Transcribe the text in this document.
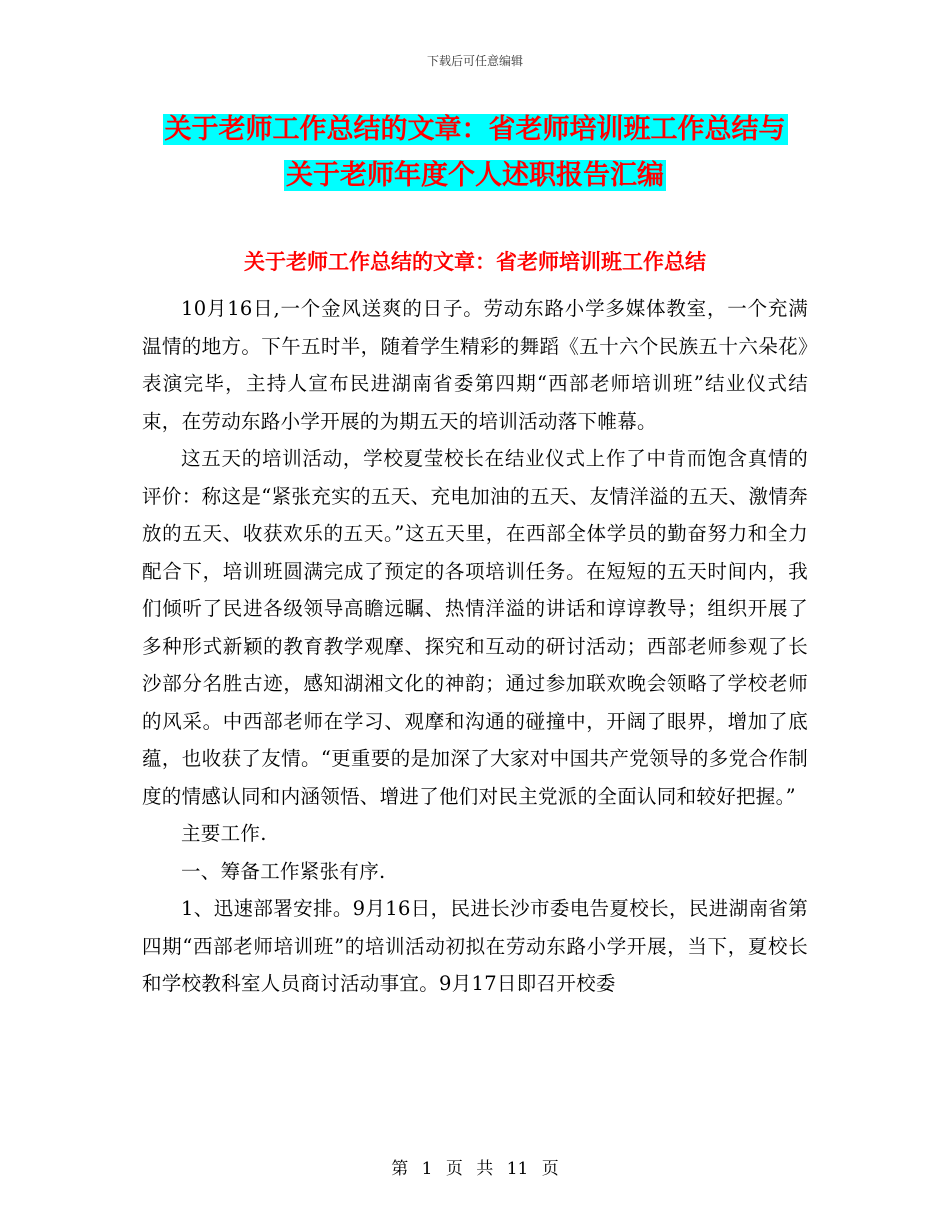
下载后可任意编辑
关于老师工作总结的文章：省老师培训班工作总结与
关于老师年度个人述职报告汇编
关于老师工作总结的文章：省老师培训班工作总结

10月16日,一个金风送爽的日子。劳动东路小学多媒体教室，一个充满温情的地方。下午五时半，随着学生精彩的舞蹈《五十六个民族五十六朵花》表演完毕，主持人宣布民进湖南省委第四期“西部老师培训班”结业仪式结束，在劳动东路小学开展的为期五天的培训活动落下帷幕。

这五天的培训活动，学校夏莹校长在结业仪式上作了中肯而饱含真情的评价：称这是“紧张充实的五天、充电加油的五天、友情洋溢的五天、激情奔放的五天、收获欢乐的五天。”这五天里，在西部全体学员的勤奋努力和全力配合下，培训班圆满完成了预定的各项培训任务。在短短的五天时间内，我们倾听了民进各级领导高瞻远瞩、热情洋溢的讲话和谆谆教导；组织开展了多种形式新颖的教育教学观摩、探究和互动的研讨活动；西部老师参观了长沙部分名胜古迹，感知湖湘文化的神韵；通过参加联欢晚会领略了学校老师的风采。中西部老师在学习、观摩和沟通的碰撞中，开阔了眼界，增加了底蕴，也收获了友情。“更重要的是加深了大家对中国共产党领导的多党合作制度的情感认同和内涵领悟、增进了他们对民主党派的全面认同和较好把握。”

主要工作.

一、筹备工作紧张有序.

1、迅速部署安排。9月16日，民进长沙市委电告夏校长，民进湖南省第四期“西部老师培训班”的培训活动初拟在劳动东路小学开展，当下，夏校长和学校教科室人员商讨活动事宜。9月17日即召开校委

第 1 页 共 11 页
